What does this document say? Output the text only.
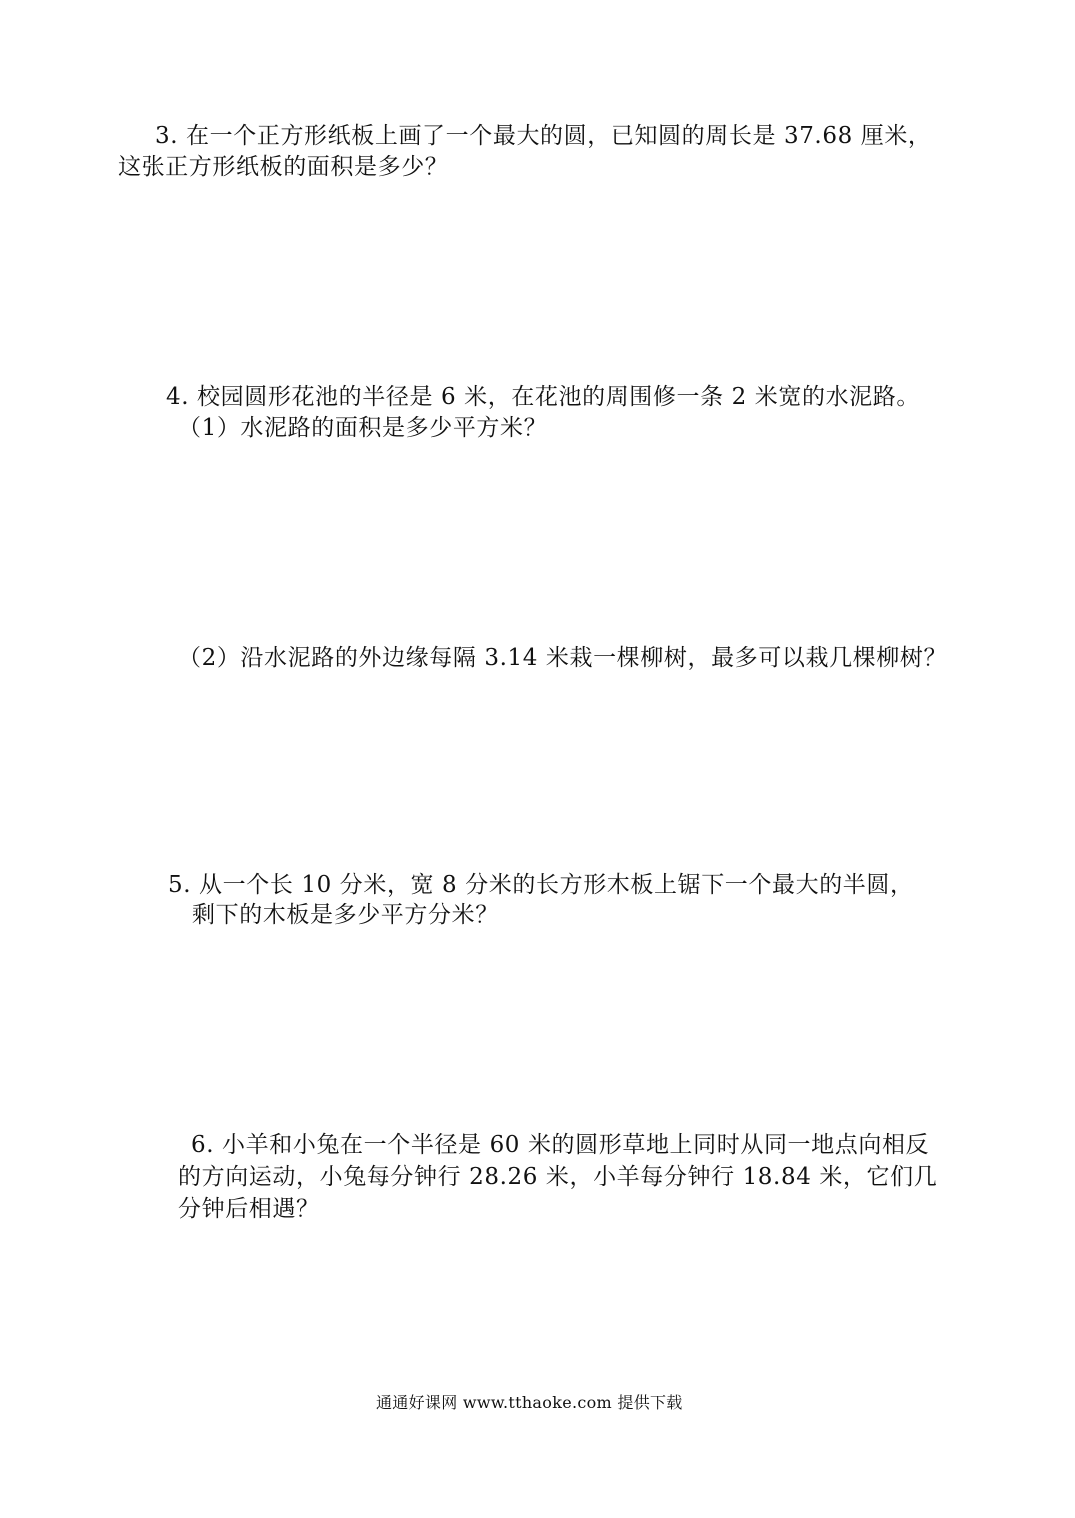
3. 在一个正方形纸板上画了一个最大的圆，已知圆的周长是 37.68 厘米，
这张正方形纸板的面积是多少？
4. 校园圆形花池的半径是 6 米，在花池的周围修一条 2 米宽的水泥路。
（1）水泥路的面积是多少平方米？
（2）沿水泥路的外边缘每隔 3.14 米栽一棵柳树，最多可以栽几棵柳树？
5. 从一个长 10 分米，宽 8 分米的长方形木板上锯下一个最大的半圆，
剩下的木板是多少平方分米？
6. 小羊和小兔在一个半径是 60 米的圆形草地上同时从同一地点向相反
的方向运动，小兔每分钟行 28.26 米，小羊每分钟行 18.84 米，它们几
分钟后相遇？
通通好课网 www.tthaoke.com 提供下载
